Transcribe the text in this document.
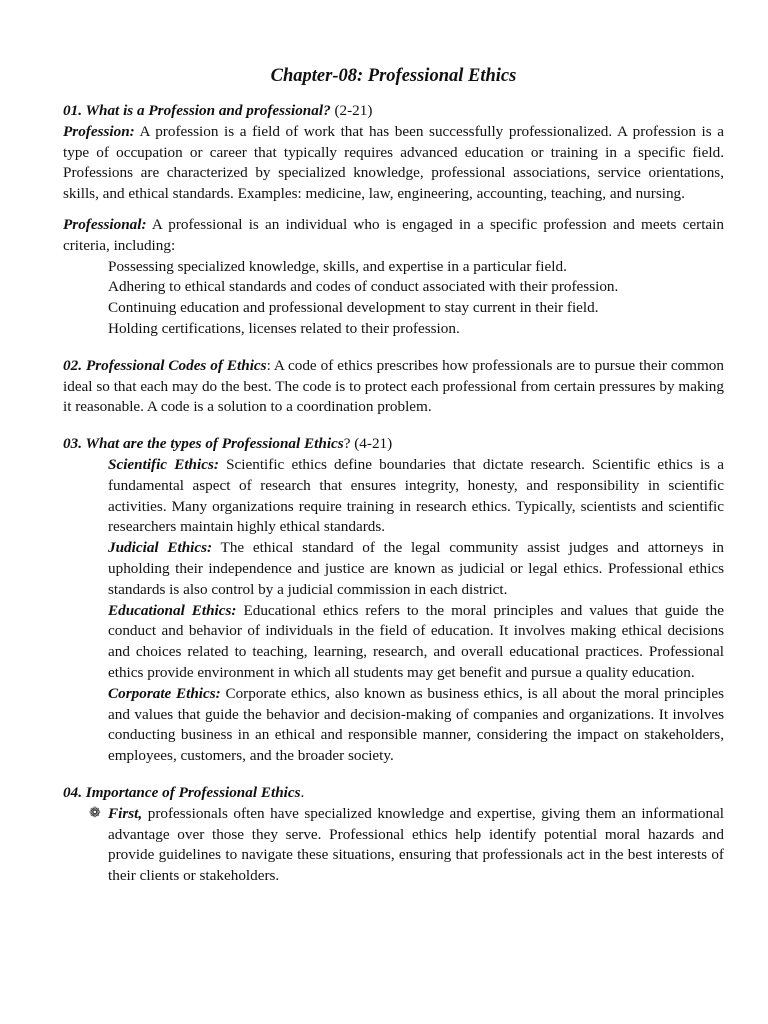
Chapter-08: Professional Ethics

01. What is a Profession and professional? (2-21)

Profession: A profession is a field of work that has been successfully professionalized. A profession is a type of occupation or career that typically requires advanced education or training in a specific field. Professions are characterized by specialized knowledge, professional associations, service orientations, skills, and ethical standards. Examples: medicine, law, engineering, accounting, teaching, and nursing.

Professional: A professional is an individual who is engaged in a specific profession and meets certain criteria, including:

Possessing specialized knowledge, skills, and expertise in a particular field.

Adhering to ethical standards and codes of conduct associated with their profession.

Continuing education and professional development to stay current in their field.

Holding certifications, licenses related to their profession.

02. Professional Codes of Ethics: A code of ethics prescribes how professionals are to pursue their common ideal so that each may do the best. The code is to protect each professional from certain pressures by making it reasonable. A code is a solution to a coordination problem.

03. What are the types of Professional Ethics? (4-21)

Scientific Ethics: Scientific ethics define boundaries that dictate research. Scientific ethics is a fundamental aspect of research that ensures integrity, honesty, and responsibility in scientific activities. Many organizations require training in research ethics. Typically, scientists and scientific researchers maintain highly ethical standards.

Judicial Ethics: The ethical standard of the legal community assist judges and attorneys in upholding their independence and justice are known as judicial or legal ethics. Professional ethics standards is also control by a judicial commission in each district.

Educational Ethics: Educational ethics refers to the moral principles and values that guide the conduct and behavior of individuals in the field of education. It involves making ethical decisions and choices related to teaching, learning, research, and overall educational practices. Professional ethics provide environment in which all students may get benefit and pursue a quality education.

Corporate Ethics: Corporate ethics, also known as business ethics, is all about the moral principles and values that guide the behavior and decision-making of companies and organizations. It involves conducting business in an ethical and responsible manner, considering the impact on stakeholders, employees, customers, and the broader society.

04. Importance of Professional Ethics.

❁ First, professionals often have specialized knowledge and expertise, giving them an informational advantage over those they serve. Professional ethics help identify potential moral hazards and provide guidelines to navigate these situations, ensuring that professionals act in the best interests of their clients or stakeholders.
